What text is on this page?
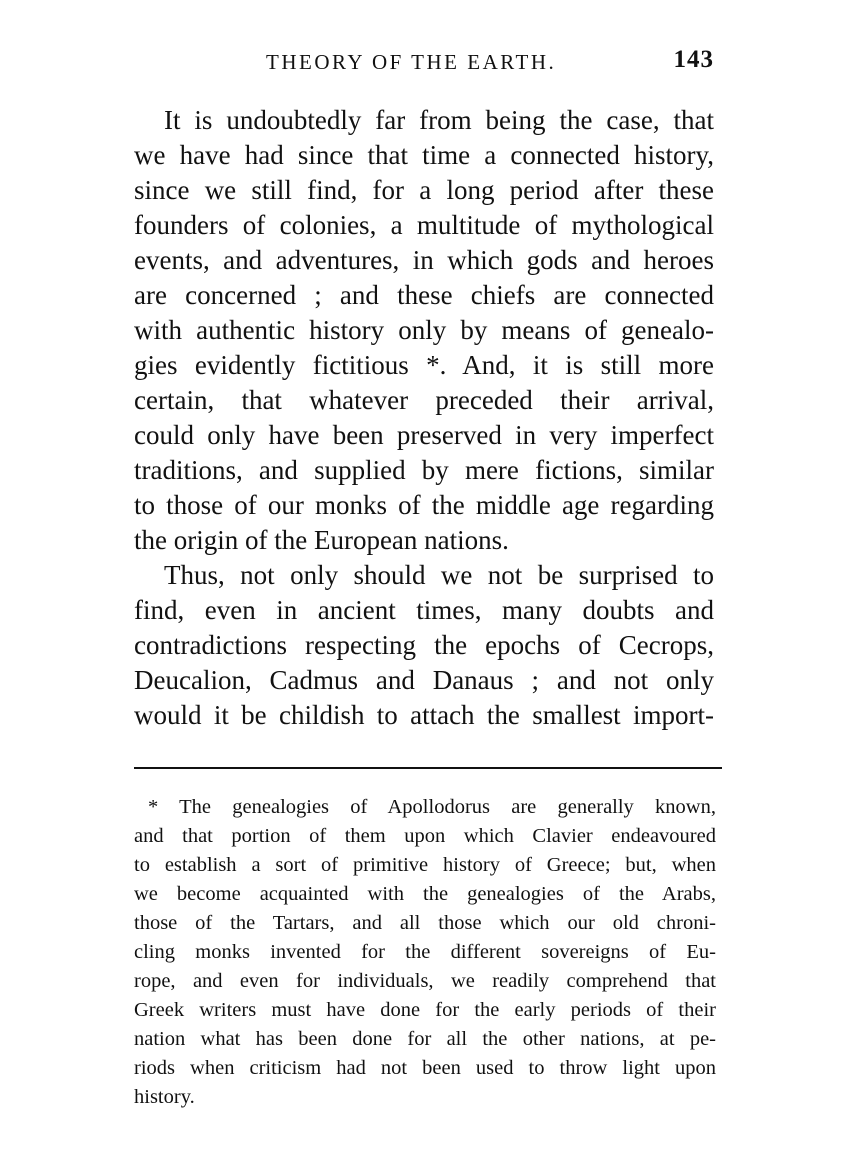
THEORY OF THE EARTH.	143
It is undoubtedly far from being the case, that
we have had since that time a connected history,
since we still find, for a long period after these
founders of colonies, a multitude of mythological
events, and adventures, in which gods and heroes
are concerned ; and these chiefs are connected
with authentic history only by means of genealo-
gies evidently fictitious *. And, it is still more
certain, that whatever preceded their arrival,
could only have been preserved in very imperfect
traditions, and supplied by mere fictions, similar
to those of our monks of the middle age regarding
the origin of the European nations.
Thus, not only should we not be surprised to
find, even in ancient times, many doubts and
contradictions respecting the epochs of Cecrops,
Deucalion, Cadmus and Danaus ; and not only
would it be childish to attach the smallest import-
* The genealogies of Apollodorus are generally known,
and that portion of them upon which Clavier endeavoured
to establish a sort of primitive history of Greece; but, when
we become acquainted with the genealogies of the Arabs,
those of the Tartars, and all those which our old chroni-
cling monks invented for the different sovereigns of Eu-
rope, and even for individuals, we readily comprehend that
Greek writers must have done for the early periods of their
nation what has been done for all the other nations, at pe-
riods when criticism had not been used to throw light upon
history.
